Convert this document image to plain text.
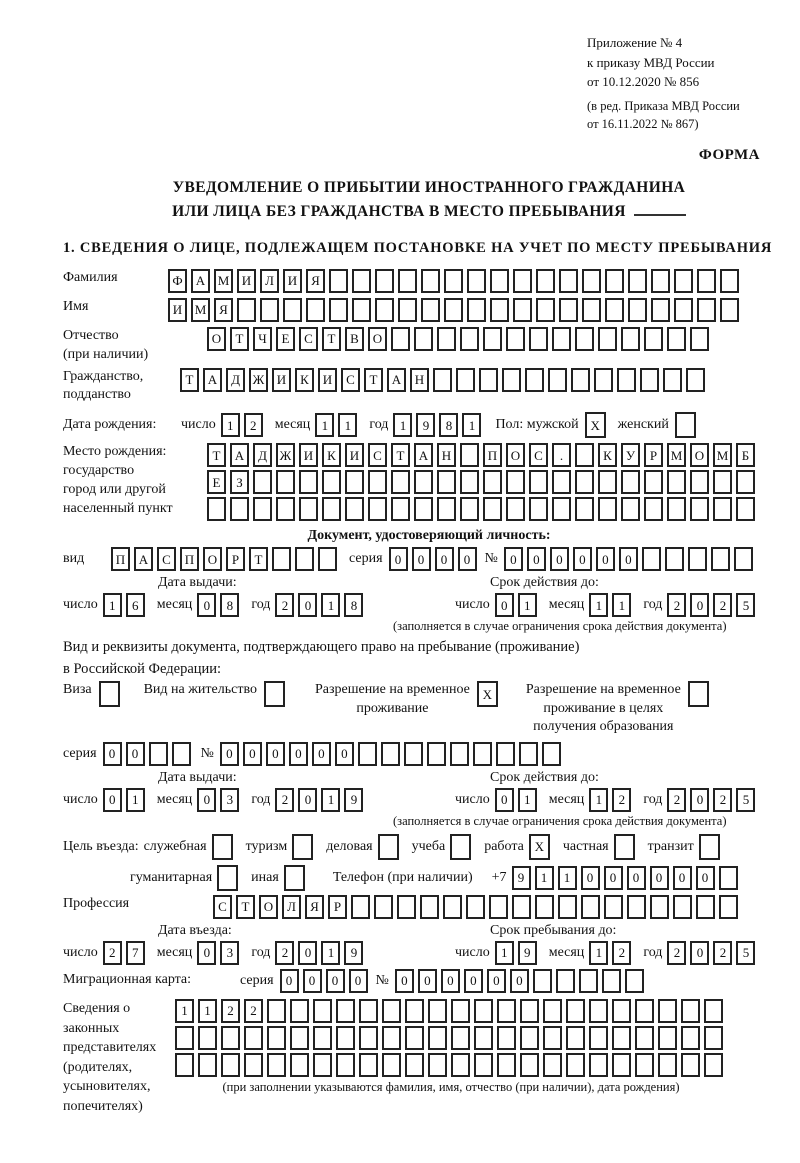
Приложение № 4
к приказу МВД России
от 10.12.2020 № 856
(в ред. Приказа МВД России
от 16.11.2022 № 867)
ФОРМА
УВЕДОМЛЕНИЕ О ПРИБЫТИИ ИНОСТРАННОГО ГРАЖДАНИНА
ИЛИ ЛИЦА БЕЗ ГРАЖДАНСТВА В МЕСТО ПРЕБЫВАНИЯ
1. СВЕДЕНИЯ О ЛИЦЕ, ПОДЛЕЖАЩЕМ ПОСТАНОВКЕ НА УЧЕТ ПО МЕСТУ ПРЕБЫВАНИЯ
Фамилия	Ф	А М И	Л	И	Я
Имя	И М Я
Отчество
(при наличии)
О	Т	Ч	Е	С	Т	В	О
Гражданство,
подданство
Т	А	Д Ж И	К	И	С	Т	А	Н
Дата рождения:	число 1	2	месяц 1	1	год 1	9	8	1	Пол: мужской X	женский
Место рождения:
государство
город или другой
населенный пункт
Т	А	Д Ж И	К	И	С	Т	А	Н	П	О	С	.	К	У	Р	М О М	Б
Е	З
Документ, удостоверяющий личность:
вид	П	А	С	П	О	Р	Т	серия 0	0	0	0	№ 0	0	0	0	0	0
Дата выдачи:	Срок действия до:
число 1	6	месяц 0	8	год 2	0	1	8	число 0	1	месяц 1	1	год 2	0	2	5
(заполняется в случае ограничения срока действия документа)
Вид и реквизиты документа, подтверждающего право на пребывание (проживание)
в Российской Федерации:
Виза	Вид на жительство	Разрешение на временное
проживание
X	Разрешение на временное
проживание в целях
получения образования
серия 0	0	№ 0	0	0	0	0	0
Дата выдачи:	Срок действия до:
число 0	1	месяц 0	3	год 2	0	1	9	число 0	1	месяц 1	2	год 2	0	2	5
(заполняется в случае ограничения срока действия документа)
Цель въезда: служебная	туризм	деловая	учеба	работа X	частная	транзит
гуманитарная	иная	Телефон (при наличии) +7 9	1	1	0	0	0	0	0	0
Профессия	С	Т	О	Л	Я	Р
Дата въезда:	Срок пребывания до:
число 2	7	месяц 0	3	год 2	0	1	9	число 1	9	месяц 1	2	год 2	0	2	5
Миграционная карта:	серия 0	0	0	0	№ 0	0	0	0	0	0
Сведения о
законных
представителях
(родителях,
усыновителях,
попечителях)
1	1	2	2
(при заполнении указываются фамилия, имя, отчество (при наличии), дата рождения)
